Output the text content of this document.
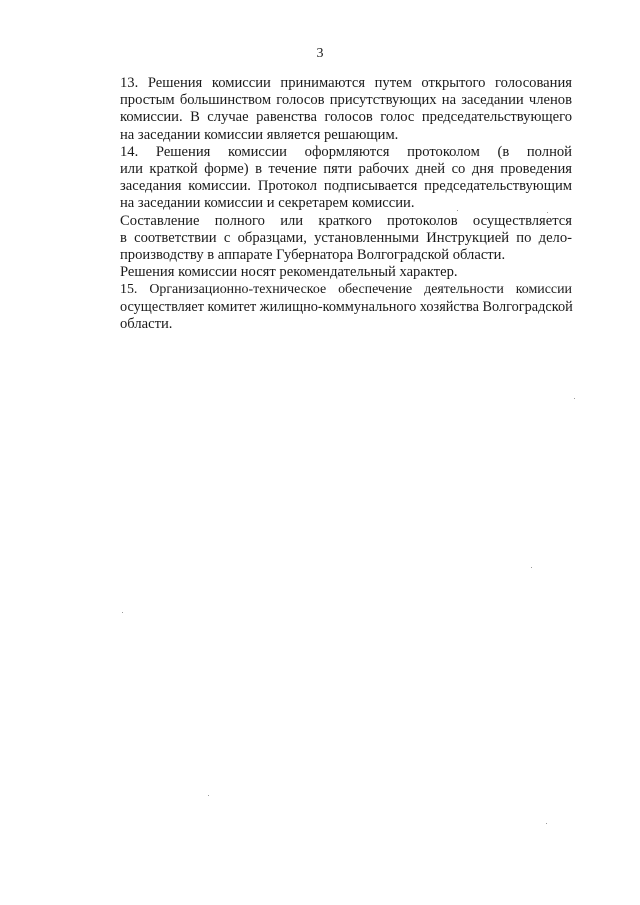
3

13. Решения комиссии принимаются путем открытого голосования
простым большинством голосов присутствующих на заседании членов
комиссии. В случае равенства голосов голос председательствующего
на заседании комиссии является решающим.

14. Решения комиссии оформляются протоколом (в полной
или краткой форме) в течение пяти рабочих дней со дня проведения
заседания комиссии. Протокол подписывается председательствующим
на заседании комиссии и секретарем комиссии.

Составление полного или краткого протоколов осуществляется
в соответствии с образцами, установленными Инструкцией по дело-
производству в аппарате Губернатора Волгоградской области.

Решения комиссии носят рекомендательный характер.

15. Организационно-техническое обеспечение деятельности комиссии
осуществляет комитет жилищно-коммунального хозяйства Волгоградской
области.
